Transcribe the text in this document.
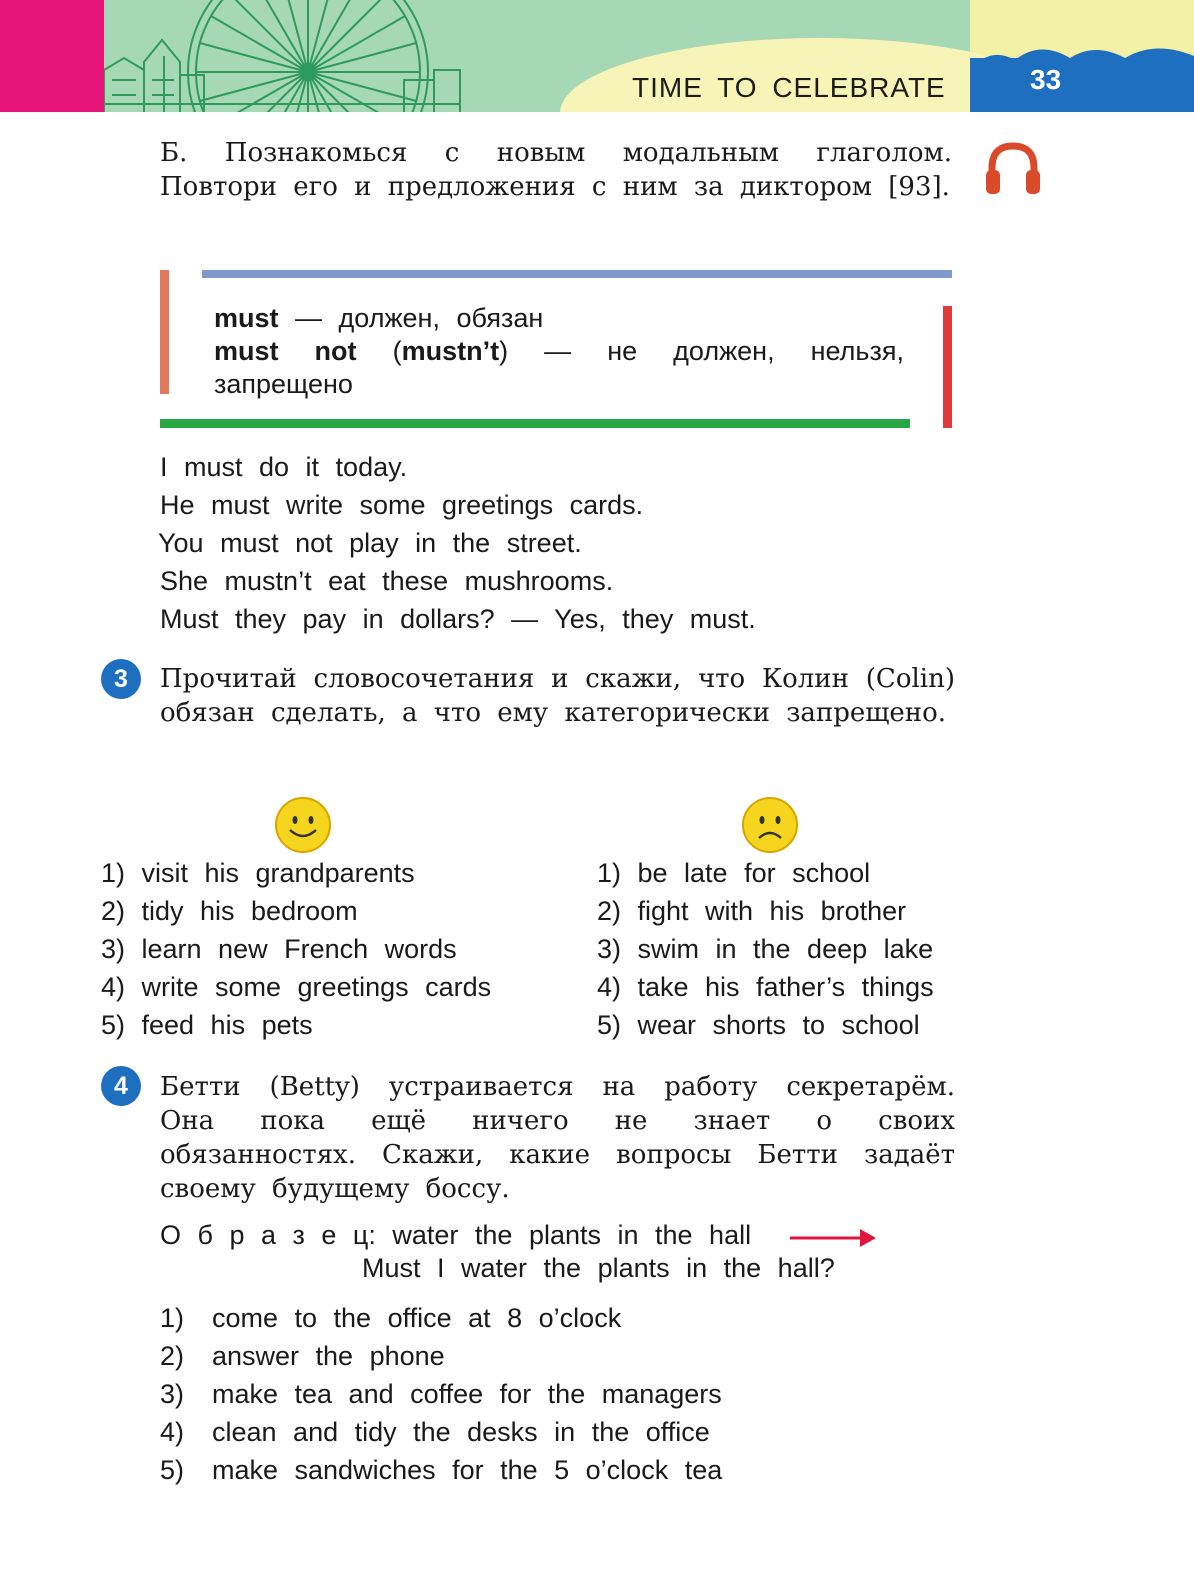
TIME TO CELEBRATE	33
Б. Познакомься с новым модальным глаголом. Повтори его и предложения с ним за диктором [93].
must — должен, обязан
must not (mustn’t) — не должен, нельзя, запрещено
I must do it today.
He must write some greetings cards.
You must not play in the street.
She mustn’t eat these mushrooms.
Must they pay in dollars? — Yes, they must.
3	Прочитай словосочетания и скажи, что Колин (Colin) обязан сделать, а что ему категорически запрещено.
1) visit his grandparents
2) tidy his bedroom
3) learn new French words
4) write some greetings cards
5) feed his pets
1) be late for school
2) fight with his brother
3) swim in the deep lake
4) take his father’s things
5) wear shorts to school
4	Бетти (Betty) устраивается на работу секретарём. Она пока ещё ничего не знает о своих обязанностях. Скажи, какие вопросы Бетти задаёт своему будущему боссу.
О б р а з е ц: water the plants in the hall
Must I water the plants in the hall?
1) come to the office at 8 o’clock
2) answer the phone
3) make tea and coffee for the managers
4) clean and tidy the desks in the office
5) make sandwiches for the 5 o’clock tea
